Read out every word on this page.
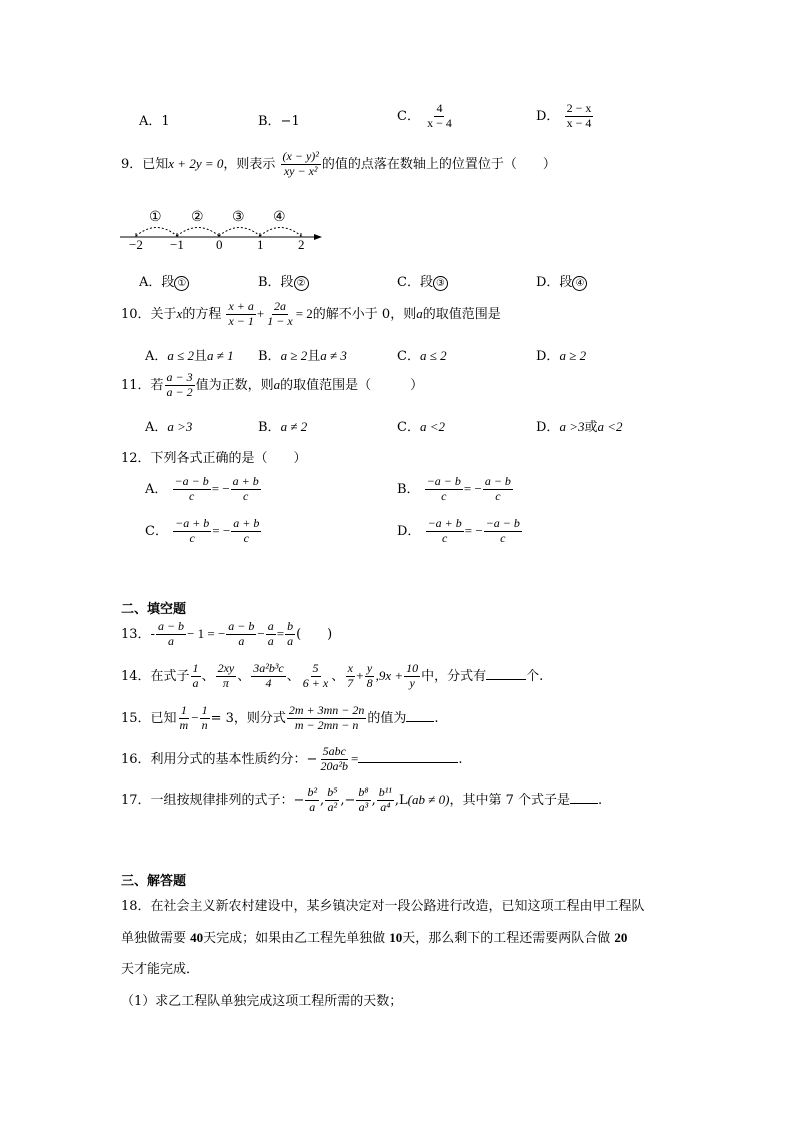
A．1	B．−1	C． $\frac{4}{x - 4}$	D． $\frac{2 - x}{x - 4}$
9．已知x + 2y = 0，则表示 $\frac{\text{(x − y)²}}{\text{xy − x²}}$ 的值的点落在数轴上的位置位于（　　）
−2 −1 0	1	2
① ② ③ ④
A．段 ①	B．段 ②	C．段 ③	D．段 ④
10．关于x的方程 $\frac{x + a}{x - 1} + \frac{2a}{1 - x} = 2$的解不小于 0，则a的取值范围是
A．a ≤ 2且a ≠ 1 B．a ≥ 2且a ≠ 3	C．a ≤ 2	D．a ≥ 2
11．若 $\frac{a - 3}{a - 2}$ 值为正数，则a的取值范围是（　　　）
A．a >3	B．a ≠ 2	C．a <2	D．a >3或a <2
12．下列各式正确的是（　　）
A． $\frac{-a - b}{c}$ = − $\frac{a + b}{c}$	B． $\frac{-a - b}{c}$ = − $\frac{a - b}{c}$
C． $\frac{-a + b}{c}$ = − $\frac{a + b}{c}$	D． $\frac{-a + b}{c}$ = − $\frac{-a - b}{c}$
二、填空题
13．- $\frac{a - b}{a} - 1$ = − $\frac{a - b}{a} - \frac{a}{a} = \frac{b}{a}$ (　　)
14．在式子 $\frac{1}{a}$ 、 $\frac{2xy}{\pi}$ 、 $\frac{\text{3a²b³c}}{4}$ 、 $\frac{5}{6 + x}$ 、 $\frac{x}{7} + \frac{y}{8} ,9x + \frac{10}{y}$ 中，分式有	个.
15．已知 $\frac{1}{m} - \frac{1}{n} = 3$，则分式 $\frac{2m + 3mn - 2n}{m - 2mn - n}$ 的值为 .
16．利用分式的基本性质约分：− $\frac{\text{5abc}}{\text{20a²b}}$ =	.
17．一组按规律排列的式子：− $\frac{\text{b²}}{a}$ , $\frac{\text{b⁵}}{\text{a²}}$ ,− $\frac{\text{b⁸}}{\text{a³}}$ , $\frac{\text{b¹¹}}{\text{a⁴}} ,L(ab \ne 0)$，其中第 7 个式子是 .
三、解答题
18．在社会主义新农村建设中，某乡镇决定对一段公路进行改造，已知这项工程由甲工程队
单独做需要 40天完成；如果由乙工程先单独做 10天，那么剩下的工程还需要两队合做 20
天才能完成．
（1）求乙工程队单独完成这项工程所需的天数；
